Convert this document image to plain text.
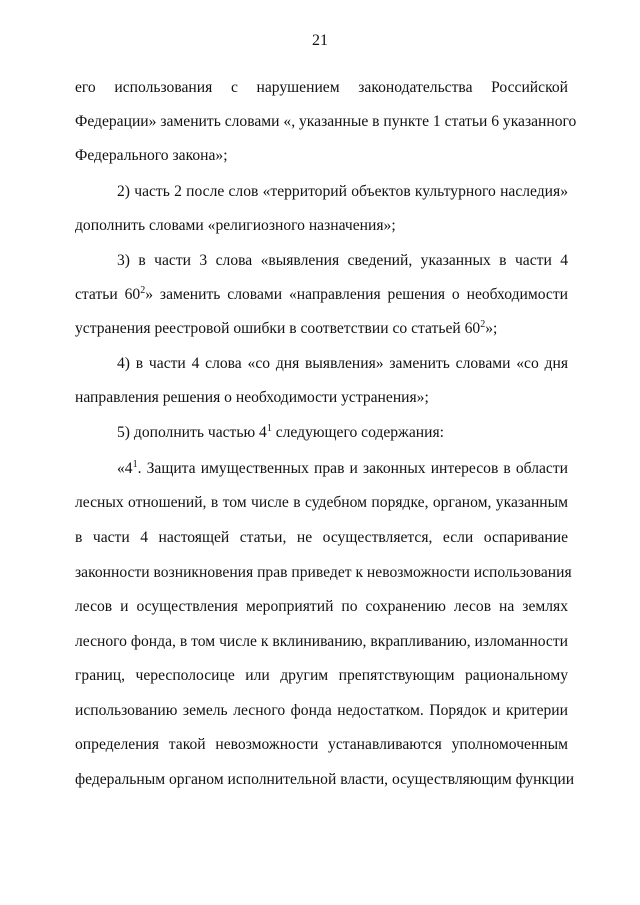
21
его использования с нарушением законодательства Российской
Федерации» заменить словами «, указанные в пункте 1 статьи 6 указанного
Федерального закона»;
2) часть 2 после слов «территорий объектов культурного наследия»
дополнить словами «религиозного назначения»;
3) в части 3 слова «выявления сведений, указанных в части 4
статьи $60^2$» заменить словами «направления решения о необходимости
устранения реестровой ошибки в соответствии со статьей $60^2$»;
4) в части 4 слова «со дня выявления» заменить словами «со дня
направления решения о необходимости устранения»;
5) дополнить частью $4^1$ следующего содержания:
«$4^1$. Защита имущественных прав и законных интересов в области
лесных отношений, в том числе в судебном порядке, органом, указанным
в части 4 настоящей статьи, не осуществляется, если оспаривание
законности возникновения прав приведет к невозможности использования
лесов и осуществления мероприятий по сохранению лесов на землях
лесного фонда, в том числе к вклиниванию, вкрапливанию, изломанности
границ, чересполосице или другим препятствующим рациональному
использованию земель лесного фонда недостатком. Порядок и критерии
определения такой невозможности устанавливаются уполномоченным
федеральным органом исполнительной власти, осуществляющим функции
